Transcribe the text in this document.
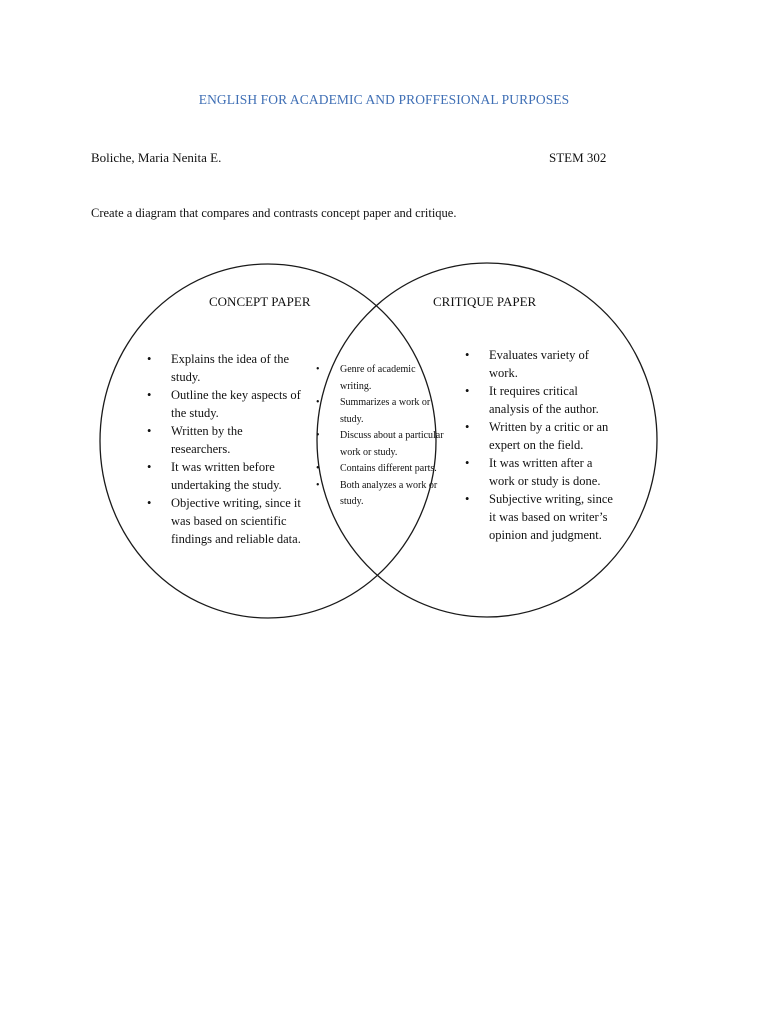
ENGLISH FOR ACADEMIC AND PROFFESIONAL PURPOSES
Boliche, Maria Nenita E.	STEM 302
Create a diagram that compares and contrasts concept paper and critique.
CONCEPT PAPER	CRITIQUE PAPER
• Explains the idea of the study.
• Outline the key aspects of the study.
• Written by the researchers.
• It was written before undertaking the study.
• Objective writing, since it was based on scientific findings and reliable data.
• Genre of academic writing.
• Summarizes a work or study.
• Discuss about a particular work or study.
• Contains different parts.
• Both analyzes a work or study.
• Evaluates variety of work.
• It requires critical analysis of the author.
• Written by a critic or an expert on the field.
• It was written after a work or study is done.
• Subjective writing, since it was based on writer’s opinion and judgment.
